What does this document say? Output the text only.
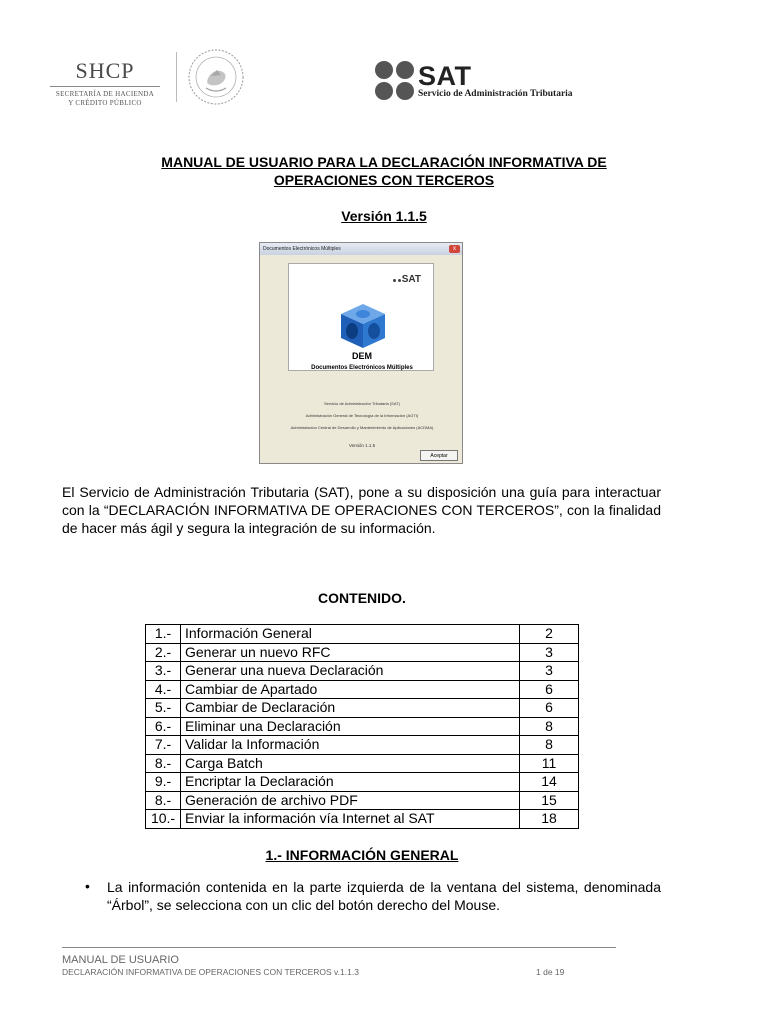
SHCP
SECRETARÍA DE HACIENDA
Y CRÉDITO PÚBLICO
SAT
Servicio de Administración Tributaria
MANUAL DE USUARIO PARA LA DECLARACIÓN INFORMATIVA DE
OPERACIONES CON TERCEROS
Versión 1.1.5
Documentos Electrónicos Múltiples	x
SAT
DEM
Documentos Electrónicos Múltiples
Servicio de Administración Tributaria (SAT)
Administración General de Tecnología de la Información (AGTI)
Administración Central de Desarrollo y Mantenimiento de Aplicaciones (ACDMA)
Versión 1.1.5
Aceptar
El Servicio de Administración Tributaria (SAT), pone a su disposición una guía para interactuar con la “DECLARACIÓN INFORMATIVA DE OPERACIONES CON TERCEROS”, con la finalidad de hacer más ágil y segura la integración de su información.
CONTENIDO.
1.-	Información General	2
2.-	Generar un nuevo RFC	3
3.-	Generar una nueva Declaración	3
4.-	Cambiar de Apartado	6
5.-	Cambiar de Declaración	6
6.-	Eliminar una Declaración	8
7.-	Validar la Información	8
8.-	Carga Batch	11
9.-	Encriptar la Declaración	14
8.-	Generación de archivo PDF	15
10.-	Enviar la información vía Internet al SAT	18
1.- INFORMACIÓN GENERAL
• La información contenida en la parte izquierda de la ventana del sistema, denominada “Árbol”, se selecciona con un clic del botón derecho del Mouse.
MANUAL DE USUARIO
DECLARACIÓN INFORMATIVA DE OPERACIONES CON TERCEROS v.1.1.3	1 de 19
